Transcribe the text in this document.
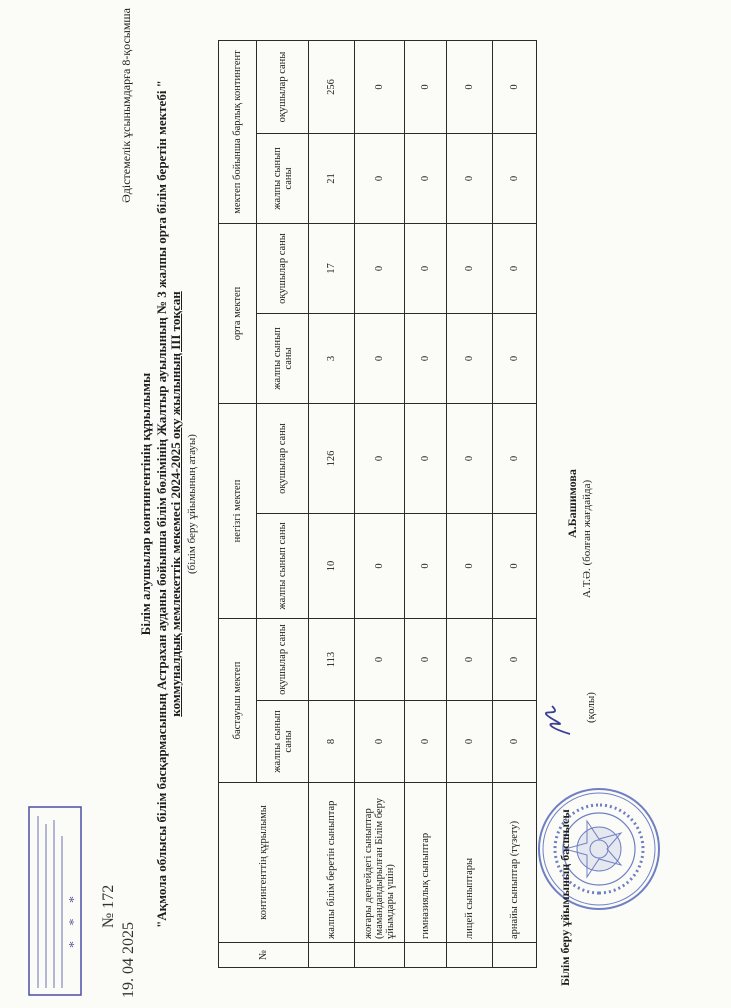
Әдістемелік ұсынымдарға 8-қосымша
Білім алушылар контингентінің құрылымы "Ақмола облысы білім басқармасының Астрахан ауданы бойынша білім бөлімінің Жалтыр ауылының № 3 жалпы орта білім беретін мектебі " коммуналдық мемлекеттік мекемесі 2024-2025 оқу жылының III тоқсан (білім беру ұйымының атауы)
№	контингенттің құрылымы	бастауыш мектеп		негізгі мектеп		орта мектеп		мектеп бойынша барлық контингент	
		жалпы сынып саны	оқушылар саны	жалпы сынып саны	оқушылар саны	жалпы сынып саны	оқушылар саны	жалпы сынып саны	оқушылар саны
	жалпы білім беретін сыныптар	8	113	10	126	3	17	21	256
	жоғары деңгейдегі сыныптар (мамандандырылған Білім беру ұйымдары үшін)	0	0	0	0	0	0	0	0
	гимназиялық сыныптар	0	0	0	0	0	0	0	0
	лицей сыныптары	0	0	0	0	0	0	0	0
	арнайы сыныптар (түзету)	0	0	0	0	0	0	0	0
Білім беру ұйымының басшысы
А.Башимова А.Т.Ә. (болған жағдайда)
(қолы)
* * * № 172
19. 04 2025
